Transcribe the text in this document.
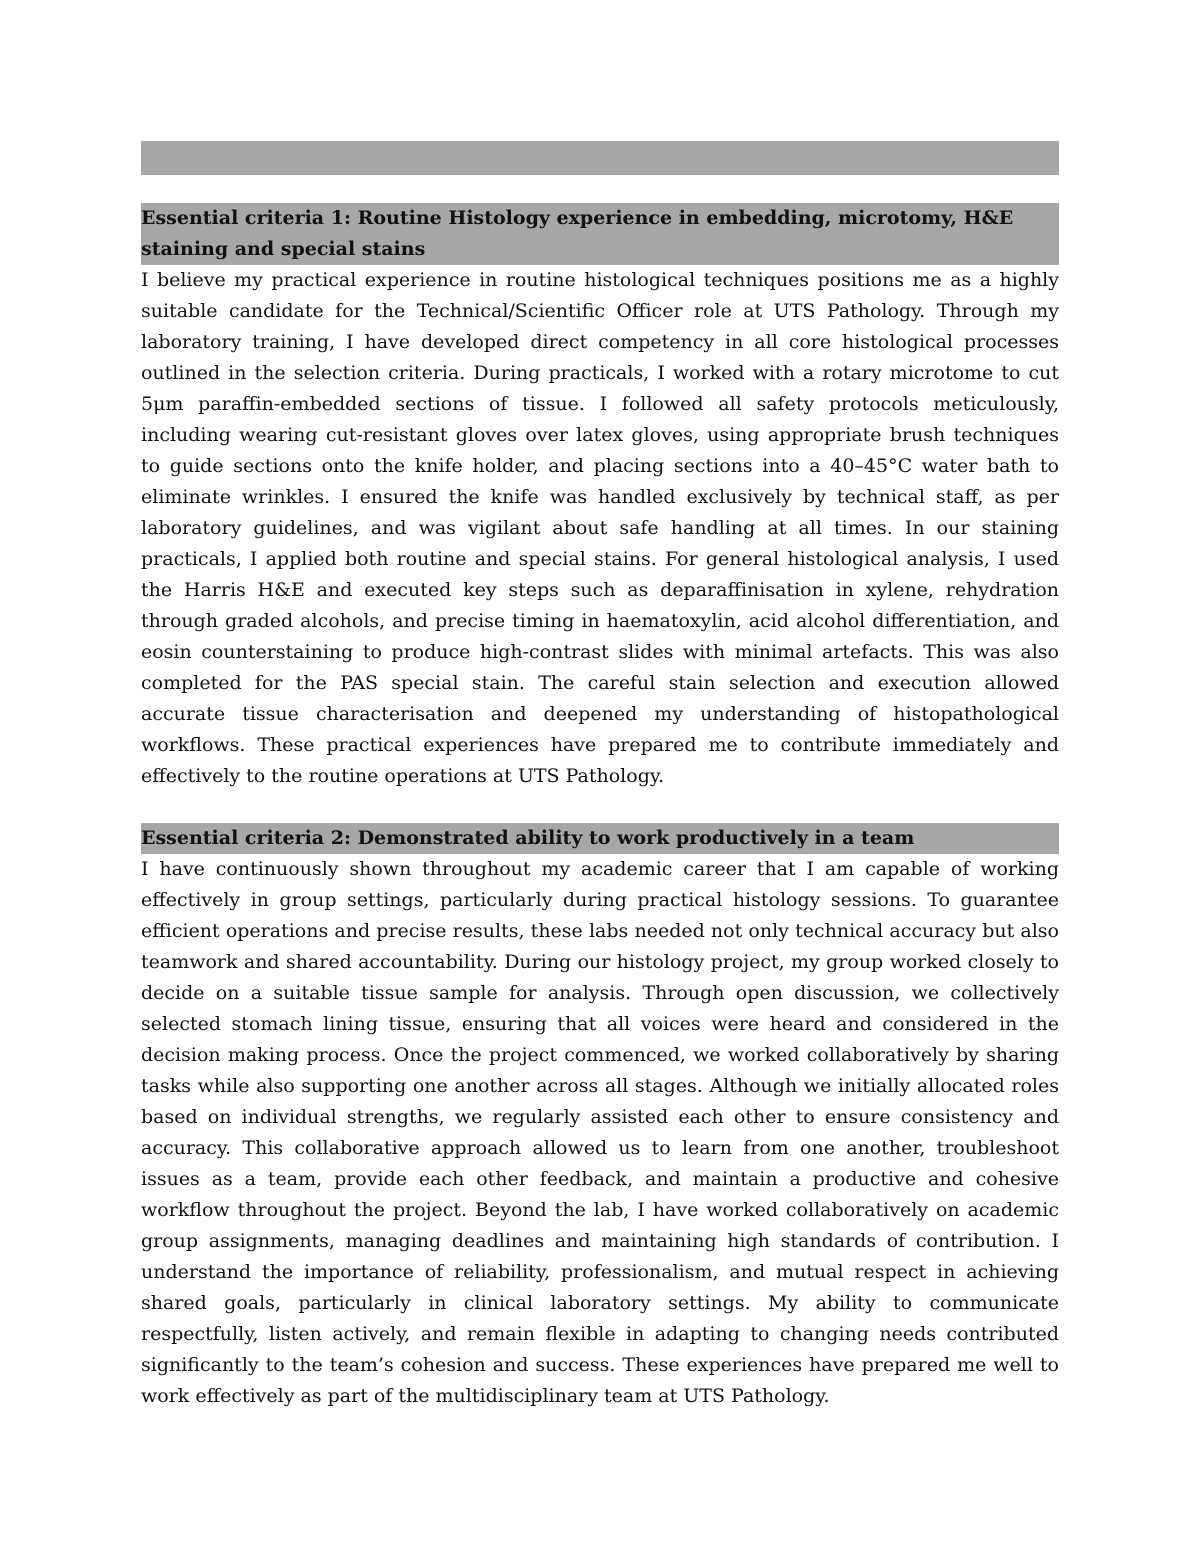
Essential criteria 1: Routine Histology experience in embedding, microtomy, H&E staining and special stains

I believe my practical experience in routine histological techniques positions me as a highly suitable candidate for the Technical/Scientific Officer role at UTS Pathology. Through my laboratory training, I have developed direct competency in all core histological processes outlined in the selection criteria. During practicals, I worked with a rotary microtome to cut 5μm paraffin-embedded sections of tissue. I followed all safety protocols meticulously, including wearing cut-resistant gloves over latex gloves, using appropriate brush techniques to guide sections onto the knife holder, and placing sections into a 40–45°C water bath to eliminate wrinkles. I ensured the knife was handled exclusively by technical staff, as per laboratory guidelines, and was vigilant about safe handling at all times. In our staining practicals, I applied both routine and special stains. For general histological analysis, I used the Harris H&E and executed key steps such as deparaffinisation in xylene, rehydration through graded alcohols, and precise timing in haematoxylin, acid alcohol differentiation, and eosin counterstaining to produce high-contrast slides with minimal artefacts. This was also completed for the PAS special stain. The careful stain selection and execution allowed accurate tissue characterisation and deepened my understanding of histopathological workflows. These practical experiences have prepared me to contribute immediately and effectively to the routine operations at UTS Pathology.

Essential criteria 2: Demonstrated ability to work productively in a team

I have continuously shown throughout my academic career that I am capable of working effectively in group settings, particularly during practical histology sessions. To guarantee efficient operations and precise results, these labs needed not only technical accuracy but also teamwork and shared accountability. During our histology project, my group worked closely to decide on a suitable tissue sample for analysis. Through open discussion, we collectively selected stomach lining tissue, ensuring that all voices were heard and considered in the decision making process. Once the project commenced, we worked collaboratively by sharing tasks while also supporting one another across all stages. Although we initially allocated roles based on individual strengths, we regularly assisted each other to ensure consistency and accuracy. This collaborative approach allowed us to learn from one another, troubleshoot issues as a team, provide each other feedback, and maintain a productive and cohesive workflow throughout the project. Beyond the lab, I have worked collaboratively on academic group assignments, managing deadlines and maintaining high standards of contribution. I understand the importance of reliability, professionalism, and mutual respect in achieving shared goals, particularly in clinical laboratory settings. My ability to communicate respectfully, listen actively, and remain flexible in adapting to changing needs contributed significantly to the team’s cohesion and success. These experiences have prepared me well to work effectively as part of the multidisciplinary team at UTS Pathology.
